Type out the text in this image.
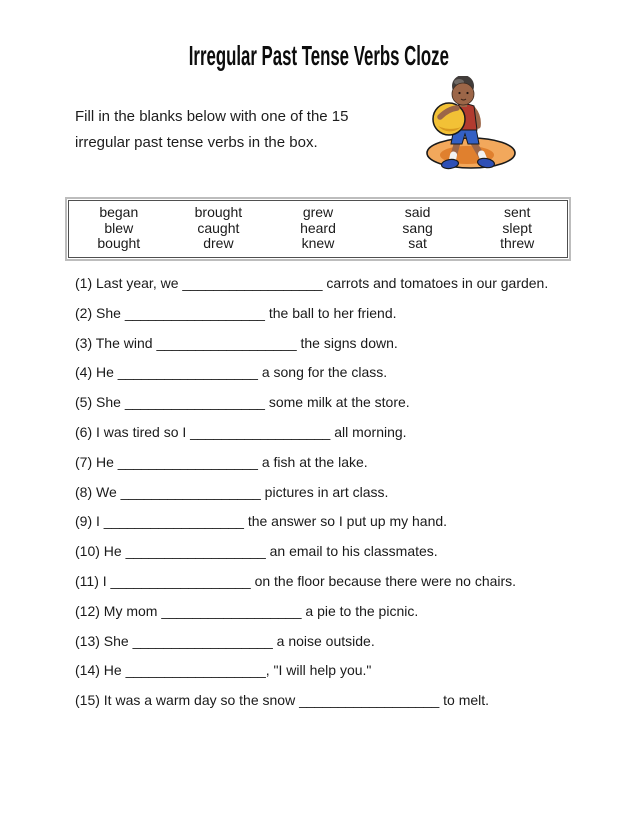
Irregular Past Tense Verbs Cloze

Fill in the blanks below with one of the 15
irregular past tense verbs in the box.

began	brought	grew	said	sent
blew	caught	heard	sang	slept
bought	drew	knew	sat	threw

(1) Last year, we __________________ carrots and tomatoes in our garden.

(2) She __________________ the ball to her friend.

(3) The wind __________________ the signs down.

(4) He __________________ a song for the class.

(5) She __________________ some milk at the store.

(6) I was tired so I __________________ all morning.

(7) He __________________ a fish at the lake.

(8) We __________________ pictures in art class.

(9) I __________________ the answer so I put up my hand.

(10) He __________________ an email to his classmates.

(11) I __________________ on the floor because there were no chairs.

(12) My mom __________________ a pie to the picnic.

(13) She __________________ a noise outside.

(14) He __________________, "I will help you."

(15) It was a warm day so the snow __________________ to melt.
